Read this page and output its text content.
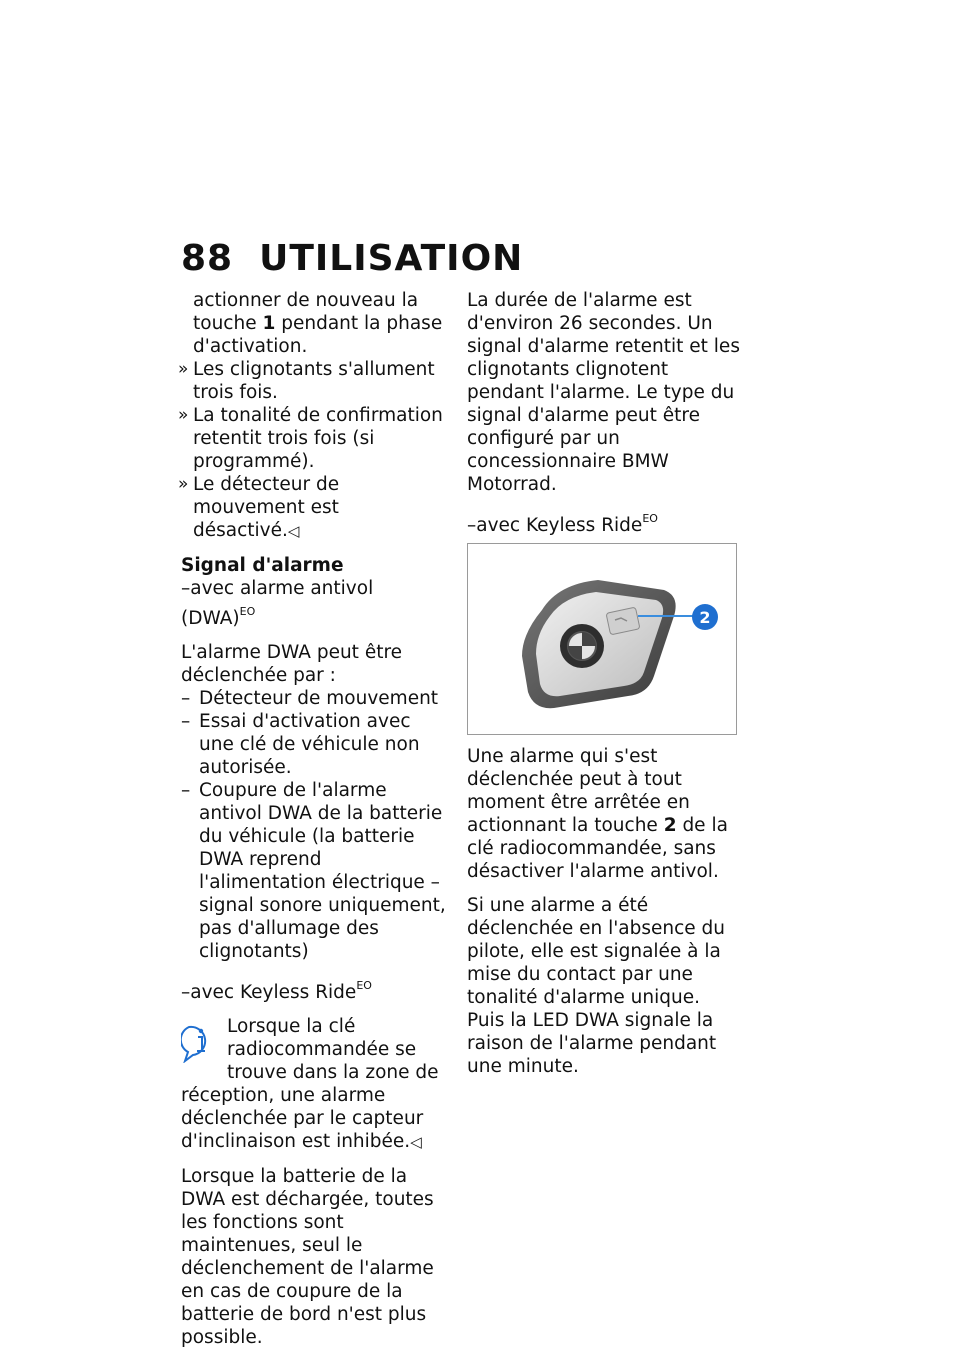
88 UTILISATION
actionner de nouveau la
touche 1 pendant la phase
d'activation.
» Les clignotants s'allument trois fois.
» La tonalité de confirmation retentit trois fois (si programmé).
» Le détecteur de mouvement est désactivé.◁
Signal d'alarme

–avec alarme antivol (DWA)$^{EO}$

L'alarme DWA peut être déclenchée par :

– Détecteur de mouvement
– Essai d'activation avec une clé de véhicule non autorisée.
– Coupure de l'alarme antivol DWA de la batterie du véhicule (la batterie DWA reprend l'alimentation électrique – signal sonore uniquement, pas d'allumage des clignotants)

–avec Keyless Ride$^{EO}$

Lorsque la clé radiocommandée se trouve dans la zone de réception, une alarme déclenchée par le capteur d'inclinaison est inhibée.◁

Lorsque la batterie de la DWA est déchargée, toutes les fonctions sont maintenues, seul le déclenchement de l'alarme en cas de coupure de la batterie de bord n'est plus possible.

La durée de l'alarme est d'environ 26 secondes. Un signal d'alarme retentit et les clignotants clignotent pendant l'alarme. Le type du signal d'alarme peut être configuré par un concessionnaire BMW Motorrad.

–avec Keyless Ride$^{EO}$

2

Une alarme qui s'est déclenchée peut à tout moment être arrêtée en actionnant la touche 2 de la clé radiocommandée, sans désactiver l'alarme antivol.

Si une alarme a été déclenchée en l'absence du pilote, elle est signalée à la mise du contact par une tonalité d'alarme unique. Puis la LED DWA signale la raison de l'alarme pendant une minute.
